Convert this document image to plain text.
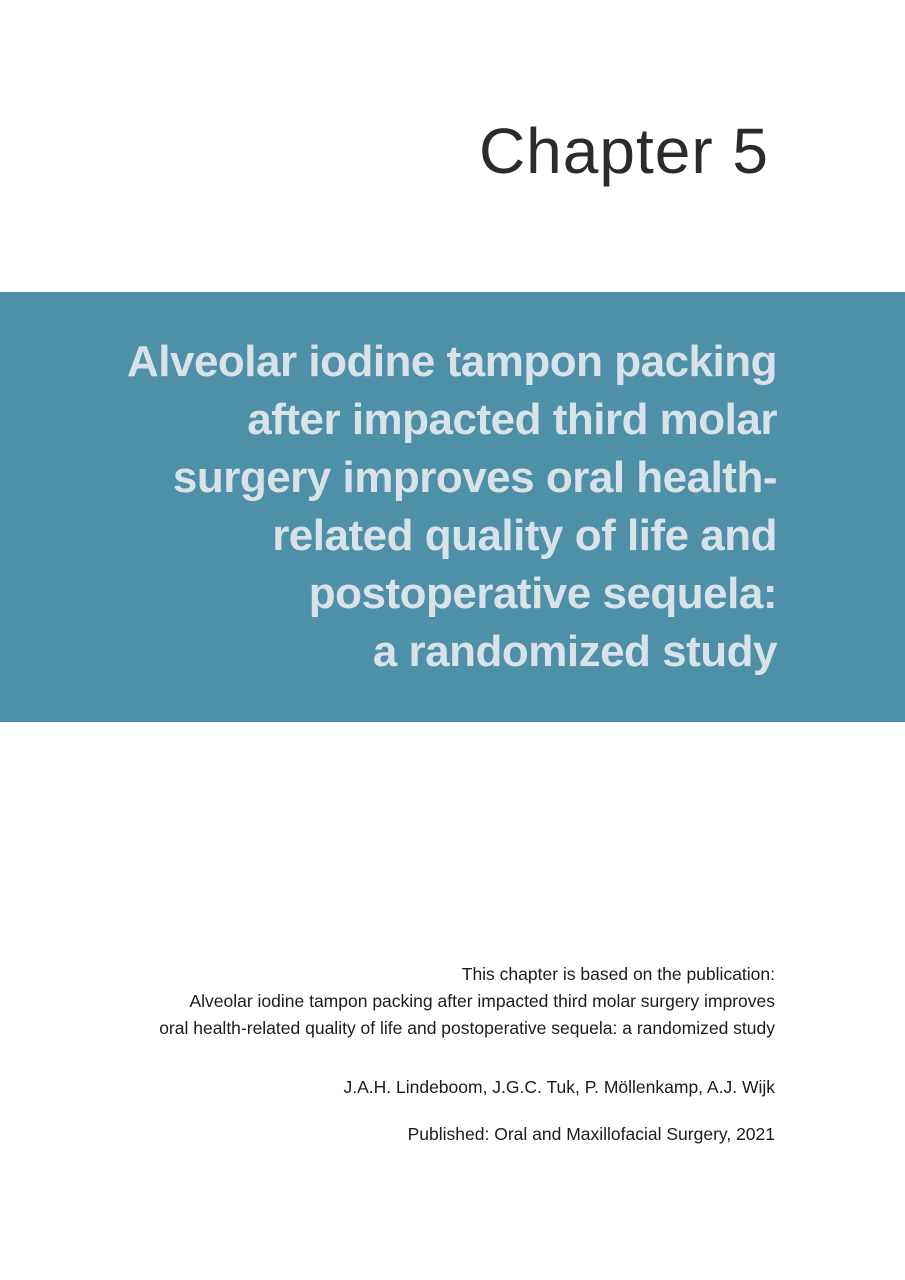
Chapter 5
Alveolar iodine tampon packing
after impacted third molar
surgery improves oral health-
related quality of life and
postoperative sequela:
a randomized study
This chapter is based on the publication:
Alveolar iodine tampon packing after impacted third molar surgery improves
oral health-related quality of life and postoperative sequela: a randomized study
J.A.H. Lindeboom, J.G.C. Tuk, P. Möllenkamp, A.J. Wijk
Published: Oral and Maxillofacial Surgery, 2021
